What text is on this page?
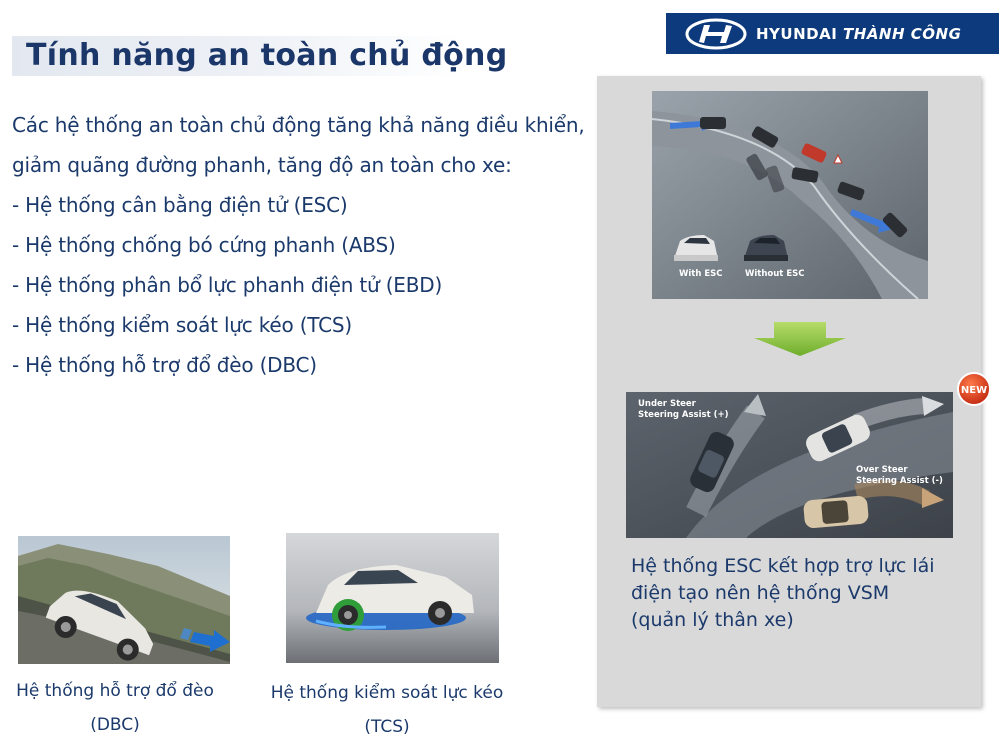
Tính năng an toàn chủ động
HYUNDAI THÀNH CÔNG

Các hệ thống an toàn chủ động tăng khả năng điều khiển,

giảm quãng đường phanh, tăng độ an toàn cho xe:

- Hệ thống cân bằng điện tử (ESC)

- Hệ thống chống bó cứng phanh (ABS)

- Hệ thống phân bổ lực phanh điện tử (EBD)

- Hệ thống kiểm soát lực kéo (TCS)

- Hệ thống hỗ trợ đổ đèo (DBC)

Hệ thống hỗ trợ đổ đèo
(DBC)
Hệ thống kiểm soát lực kéo
(TCS)
With ESC	Without ESC
Under Steer
Steering Assist (+)
Over Steer
Steering Assist (-)
NEW
Hệ thống ESC kết hợp trợ lực lái
điện tạo nên hệ thống VSM
(quản lý thân xe)
